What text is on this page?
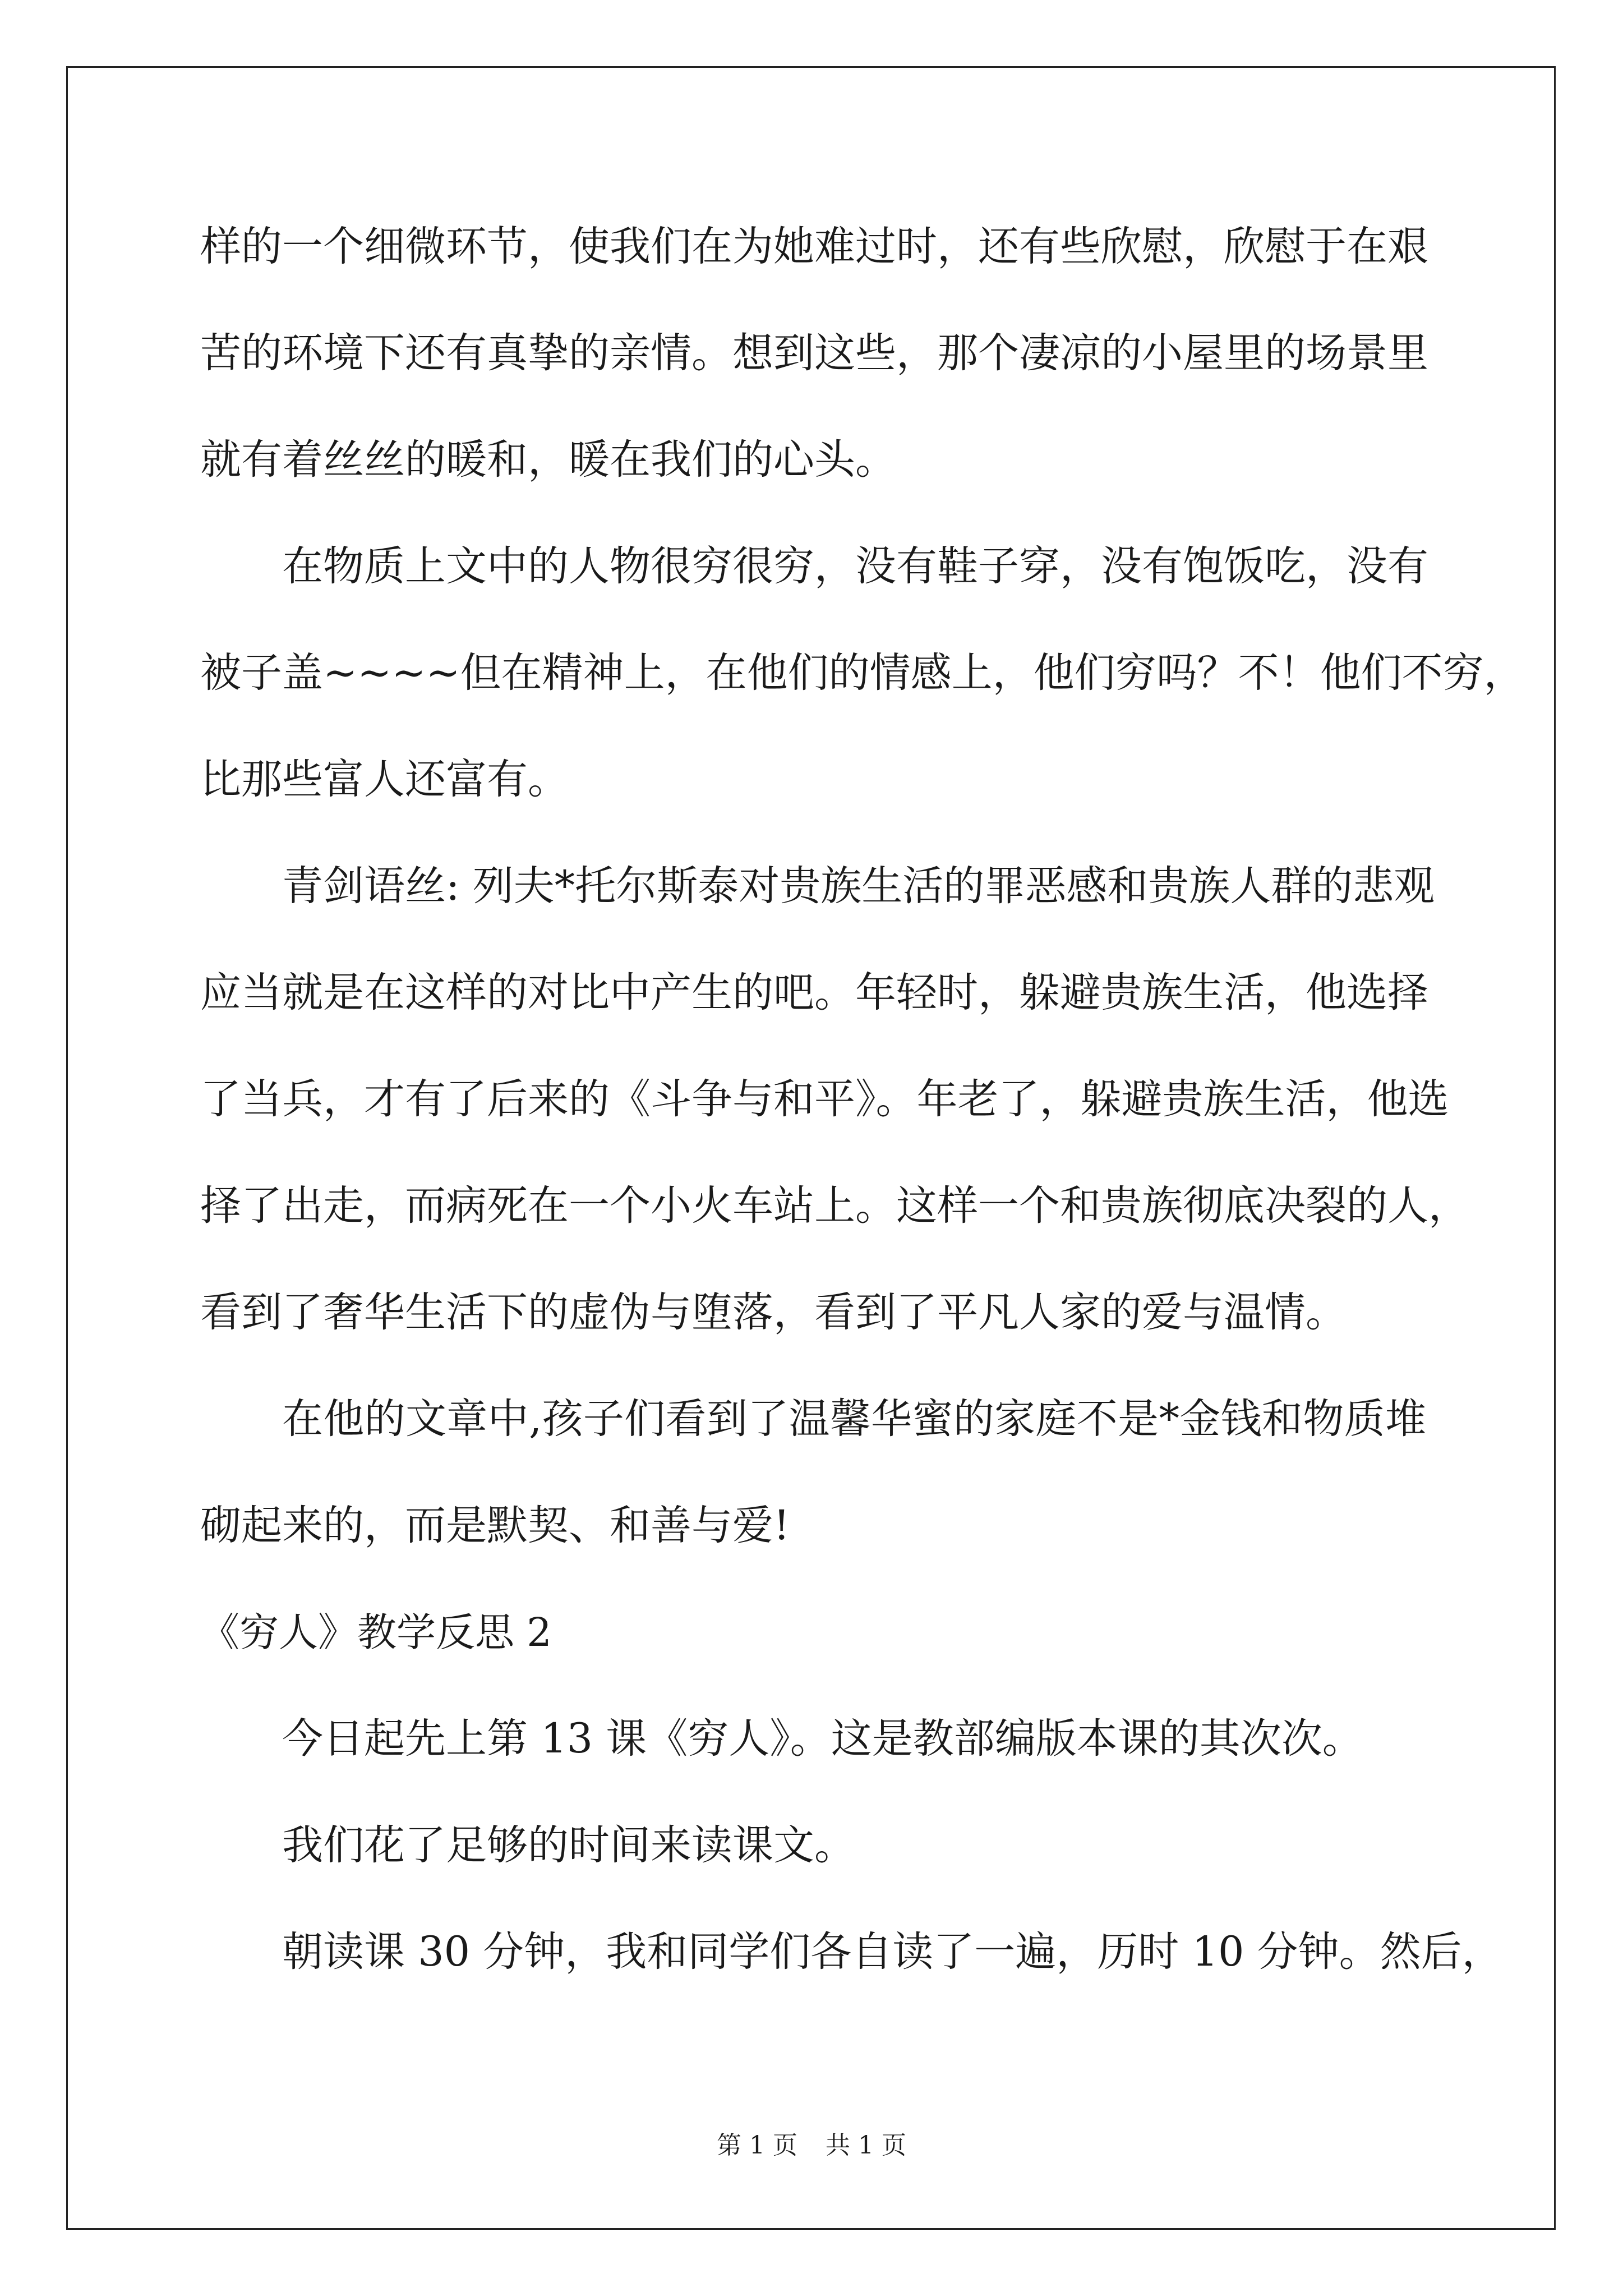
样的一个细微环节，使我们在为她难过时，还有些欣慰，欣慰于在艰
苦的环境下还有真挚的亲情。想到这些，那个凄凉的小屋里的场景里
就有着丝丝的暖和，暖在我们的心头。
在物质上文中的人物很穷很穷，没有鞋子穿，没有饱饭吃，没有
被子盖~~~~但在精神上，在他们的情感上，他们穷吗？不！他们不穷，
比那些富人还富有。
青剑语丝: 列夫*托尔斯泰对贵族生活的罪恶感和贵族人群的悲观
应当就是在这样的对比中产生的吧。年轻时，躲避贵族生活，他选择
了当兵，才有了后来的《斗争与和平》。年老了，躲避贵族生活，他选
择了出走，而病死在一个小火车站上。这样一个和贵族彻底决裂的人，
看到了奢华生活下的虚伪与堕落，看到了平凡人家的爱与温情。
在他的文章中,孩子们看到了温馨华蜜的家庭不是*金钱和物质堆
砌起来的，而是默契、和善与爱!
《穷人》教学反思 2
今日起先上第 13 课《穷人》。这是教部编版本课的其次次。
我们花了足够的时间来读课文。
朝读课 30 分钟，我和同学们各自读了一遍，历时 10 分钟。然后，
第 1 页 共 1 页
